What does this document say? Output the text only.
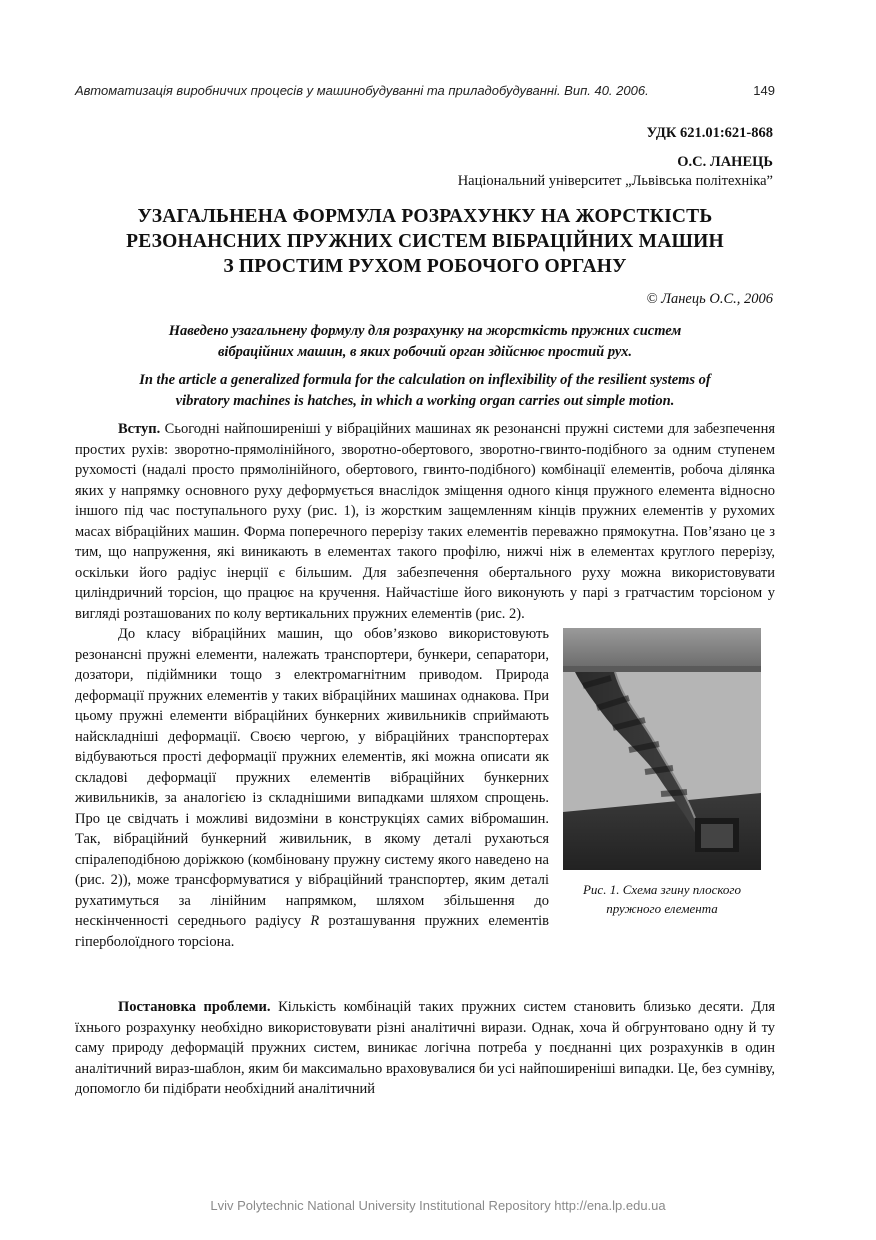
Автоматизація виробничих процесів у машинобудуванні та приладобудуванні. Вип. 40. 2006.	149
УДК 621.01:621-868
О.С. ЛАНЕЦЬ
Національний університет „Львівська політехніка”
УЗАГАЛЬНЕНА ФОРМУЛА РОЗРАХУНКУ НА ЖОРСТКІСТЬ
РЕЗОНАНСНИХ ПРУЖНИХ СИСТЕМ ВІБРАЦІЙНИХ МАШИН
З ПРОСТИМ РУХОМ РОБОЧОГО ОРГАНУ
© Ланець О.С., 2006
Наведено узагальнену формулу для розрахунку на жорсткість пружних систем
вібраційних машин, в яких робочий орган здійснює простий рух.
In the article a generalized formula for the calculation on inflexibility of the resilient systems of
vibratory machines is hatches, in which a working organ carries out simple motion.

Вступ. Сьогодні найпоширеніші у вібраційних машинах як резонансні пружні системи для забезпечення простих рухів: зворотно-прямолінійного, зворотно-обертового, зворотно-гвинто-подібного за одним ступенем рухомості (надалі просто прямолінійного, обертового, гвинто-подібного) комбінації елементів, робоча ділянка яких у напрямку основного руху деформується внаслідок зміщення одного кінця пружного елемента відносно іншого під час поступального руху (рис. 1), із жорстким защемленням кінців пружних елементів у рухомих масах вібраційних машин. Форма поперечного перерізу таких елементів переважно прямокутна. Пов’язано це з тим, що напруження, які виникають в елементах такого профілю, нижчі ніж в елементах круглого перерізу, оскільки його радіус інерції є більшим. Для забезпечення обертального руху можна використовувати циліндричний торсіон, що працює на кручення. Найчастіше його виконують у парі з гратчастим торсіоном у вигляді розташованих по колу вертикальних пружних елементів (рис. 2).

Рис. 1. Схема згину плоского
пружного елемента

До класу вібраційних машин, що обов’язково використовують резонансні пружні елементи, належать транспортери, бункери, сепаратори, дозатори, підіймники тощо з електромагнітним приводом. Природа деформації пружних елементів у таких вібраційних машинах однакова. При цьому пружні елементи вібраційних бункерних живильників сприймають найскладніші деформації. Своєю чергою, у вібраційних транспортерах відбуваються прості деформації пружних елементів, які можна описати як складові деформації пружних елементів вібраційних бункерних живильників, за аналогією із складнішими випадками шляхом спрощень. Про це свідчать і можливі видозміни в конструкціях самих вібромашин. Так, вібраційний бункерний живильник, в якому деталі рухаються спіралеподібною доріжкою (комбіновану пружну систему якого наведено на (рис. 2)), може трансформуватися у вібраційний транспортер, яким деталі рухатимуться за лінійним напрямком, шляхом збільшення до нескінченності середнього радіусу R розташування пружних елементів гіперболоїдного торсіона.

Постановка проблеми. Кількість комбінацій таких пружних систем становить близько десяти. Для їхнього розрахунку необхідно використовувати різні аналітичні вирази. Однак, хоча й обгрунтовано одну й ту саму природу деформацій пружних систем, виникає логічна потреба у поєднанні цих розрахунків в один аналітичний вираз-шаблон, яким би максимально враховувалися би усі найпоширеніші випадки. Це, без сумніву, допомогло би підібрати необхідний аналітичний

Lviv Polytechnic National University Institutional Repository http://ena.lp.edu.ua
